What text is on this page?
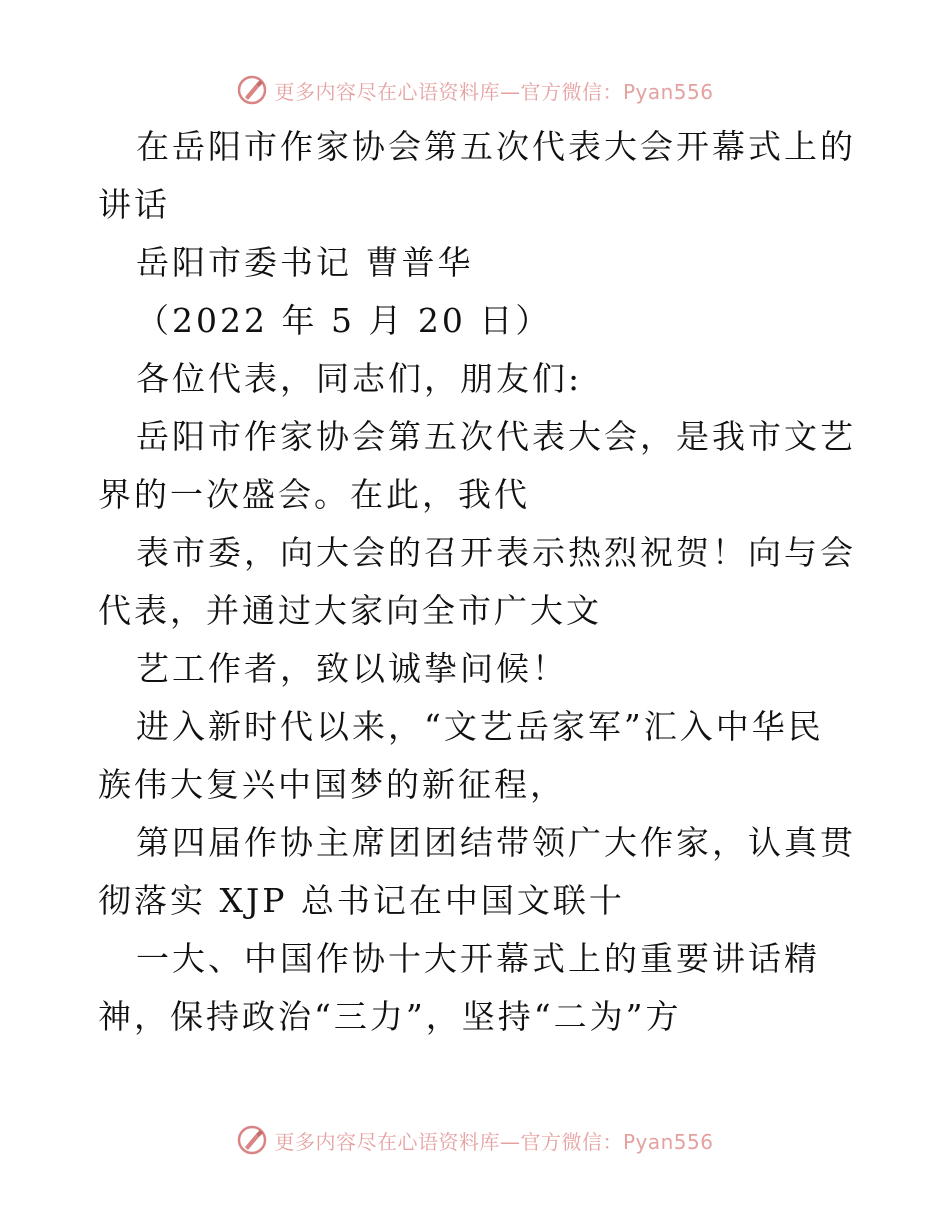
更多内容尽在心语资料库—官方微信：Pyan556

在岳阳市作家协会第五次代表大会开幕式上的讲话

岳阳市委书记 曹普华

（2022 年 5 月 20 日）

各位代表，同志们，朋友们:

岳阳市作家协会第五次代表大会，是我市文艺界的一次盛会。在此，我代

表市委，向大会的召开表示热烈祝贺！向与会代表，并通过大家向全市广大文

艺工作者，致以诚挚问候！

进入新时代以来，“文艺岳家军”汇入中华民族伟大复兴中国梦的新征程，

第四届作协主席团团结带领广大作家，认真贯彻落实 XJP 总书记在中国文联十

一大、中国作协十大开幕式上的重要讲话精神，保持政治“三力”，坚持“二为”方

更多内容尽在心语资料库—官方微信：Pyan556
